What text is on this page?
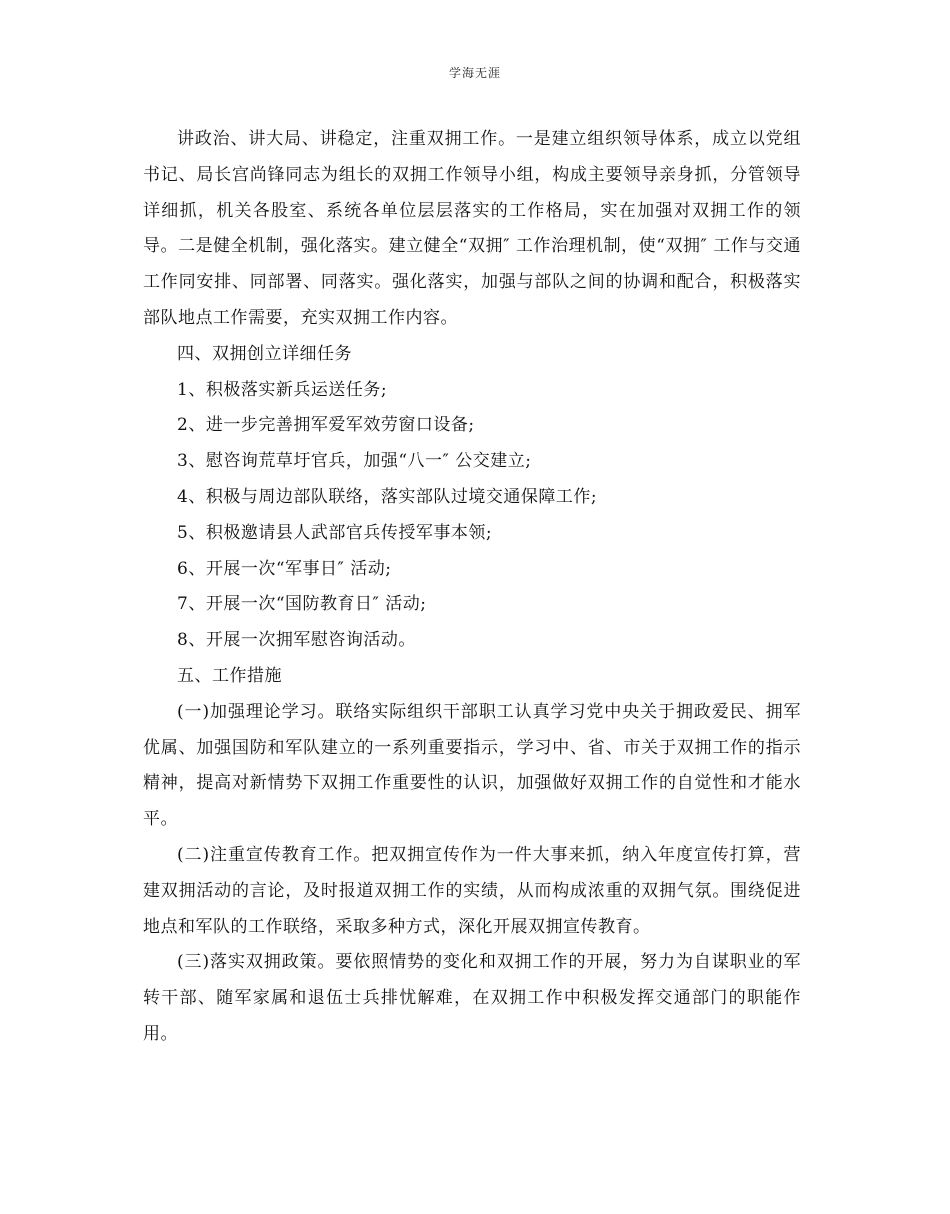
学海无涯

讲政治、讲大局、讲稳定，注重双拥工作。一是建立组织领导体系，成立以党组书记、局长宫尚锋同志为组长的双拥工作领导小组，构成主要领导亲身抓，分管领导详细抓，机关各股室、系统各单位层层落实的工作格局，实在加强对双拥工作的领导。二是健全机制，强化落实。建立健全“双拥″ 工作治理机制，使“双拥″ 工作与交通工作同安排、同部署、同落实。强化落实，加强与部队之间的协调和配合，积极落实部队地点工作需要，充实双拥工作内容。

四、双拥创立详细任务

1、积极落实新兵运送任务;

2、进一步完善拥军爱军效劳窗口设备;

3、慰咨询荒草圩官兵，加强“八一″ 公交建立;

4、积极与周边部队联络，落实部队过境交通保障工作;

5、积极邀请县人武部官兵传授军事本领;

6、开展一次“军事日″ 活动;

7、开展一次“国防教育日″ 活动;

8、开展一次拥军慰咨询活动。

五、工作措施

(一)加强理论学习。联络实际组织干部职工认真学习党中央关于拥政爱民、拥军优属、加强国防和军队建立的一系列重要指示，学习中、省、市关于双拥工作的指示精神，提高对新情势下双拥工作重要性的认识，加强做好双拥工作的自觉性和才能水平。

(二)注重宣传教育工作。把双拥宣传作为一件大事来抓，纳入年度宣传打算，营建双拥活动的言论，及时报道双拥工作的实绩，从而构成浓重的双拥气氛。围绕促进地点和军队的工作联络，采取多种方式，深化开展双拥宣传教育。

(三)落实双拥政策。要依照情势的变化和双拥工作的开展，努力为自谋职业的军转干部、随军家属和退伍士兵排忧解难，在双拥工作中积极发挥交通部门的职能作用。
